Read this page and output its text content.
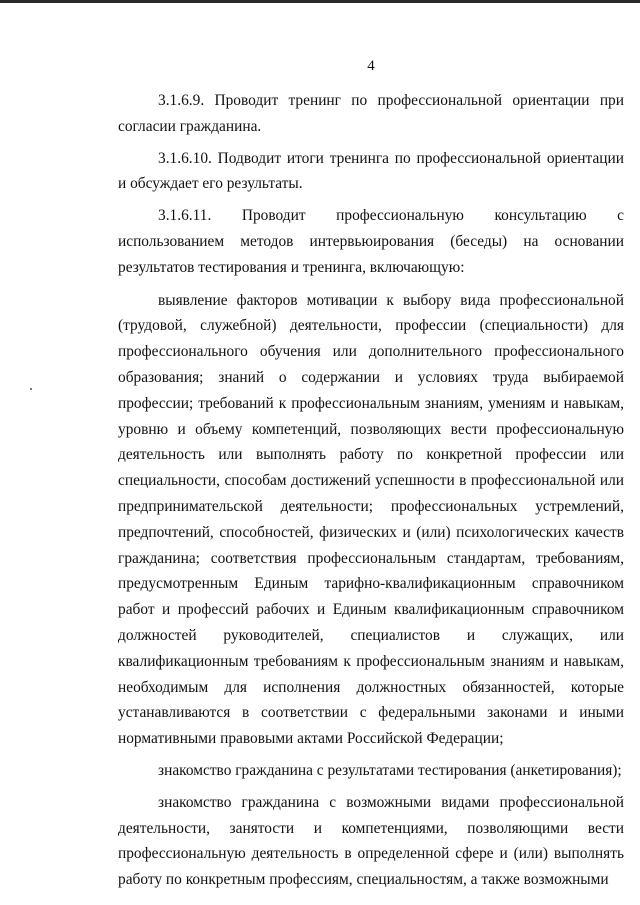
4

3.1.6.9. Проводит тренинг по профессиональной ориентации при согласии гражданина.

3.1.6.10. Подводит итоги тренинга по профессиональной ориентации и обсуждает его результаты.

3.1.6.11. Проводит профессиональную консультацию с использованием методов интервьюирования (беседы) на основании результатов тестирования и тренинга, включающую:

выявление факторов мотивации к выбору вида профессиональной (трудовой, служебной) деятельности, профессии (специальности) для профессионального обучения или дополнительного профессионального образования; знаний о содержании и условиях труда выбираемой профессии; требований к профессиональным знаниям, умениям и навыкам, уровню и объему компетенций, позволяющих вести профессиональную деятельность или выполнять работу по конкретной профессии или специальности, способам достижений успешности в профессиональной или предпринимательской деятельности; профессиональных устремлений, предпочтений, способностей, физических и (или) психологических качеств гражданина; соответствия профессиональным стандартам, требованиям, предусмотренным Единым тарифно-квалификационным справочником работ и профессий рабочих и Единым квалификационным справочником должностей руководителей, специалистов и служащих, или квалификационным требованиям к профессиональным знаниям и навыкам, необходимым для исполнения должностных обязанностей, которые устанавливаются в соответствии с федеральными законами и иными нормативными правовыми актами Российской Федерации;

знакомство гражданина с результатами тестирования (анкетирования);

знакомство гражданина с возможными видами профессиональной деятельности, занятости и компетенциями, позволяющими вести профессиональную деятельность в определенной сфере и (или) выполнять работу по конкретным профессиям, специальностям, а также возможными
